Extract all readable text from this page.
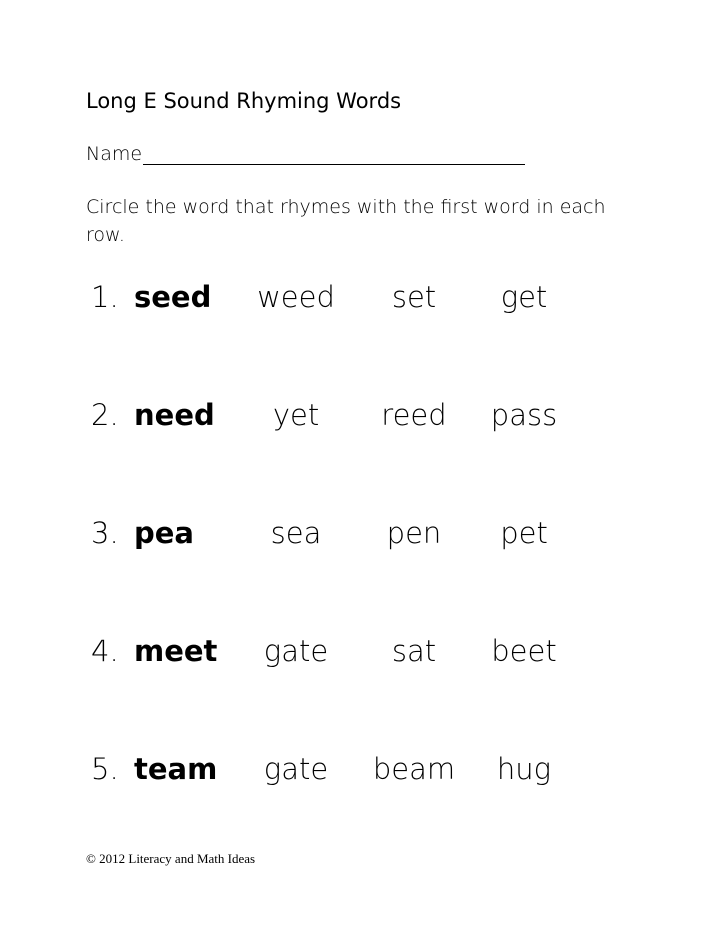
Long E Sound Rhyming Words
Name
Circle the word that rhymes with the first word in each row.
1. seed weed set get
2. need yet reed pass
3. pea	sea pen pet
4. meet gate sat beet
5. team gate beam hug
© 2012 Literacy and Math Ideas
